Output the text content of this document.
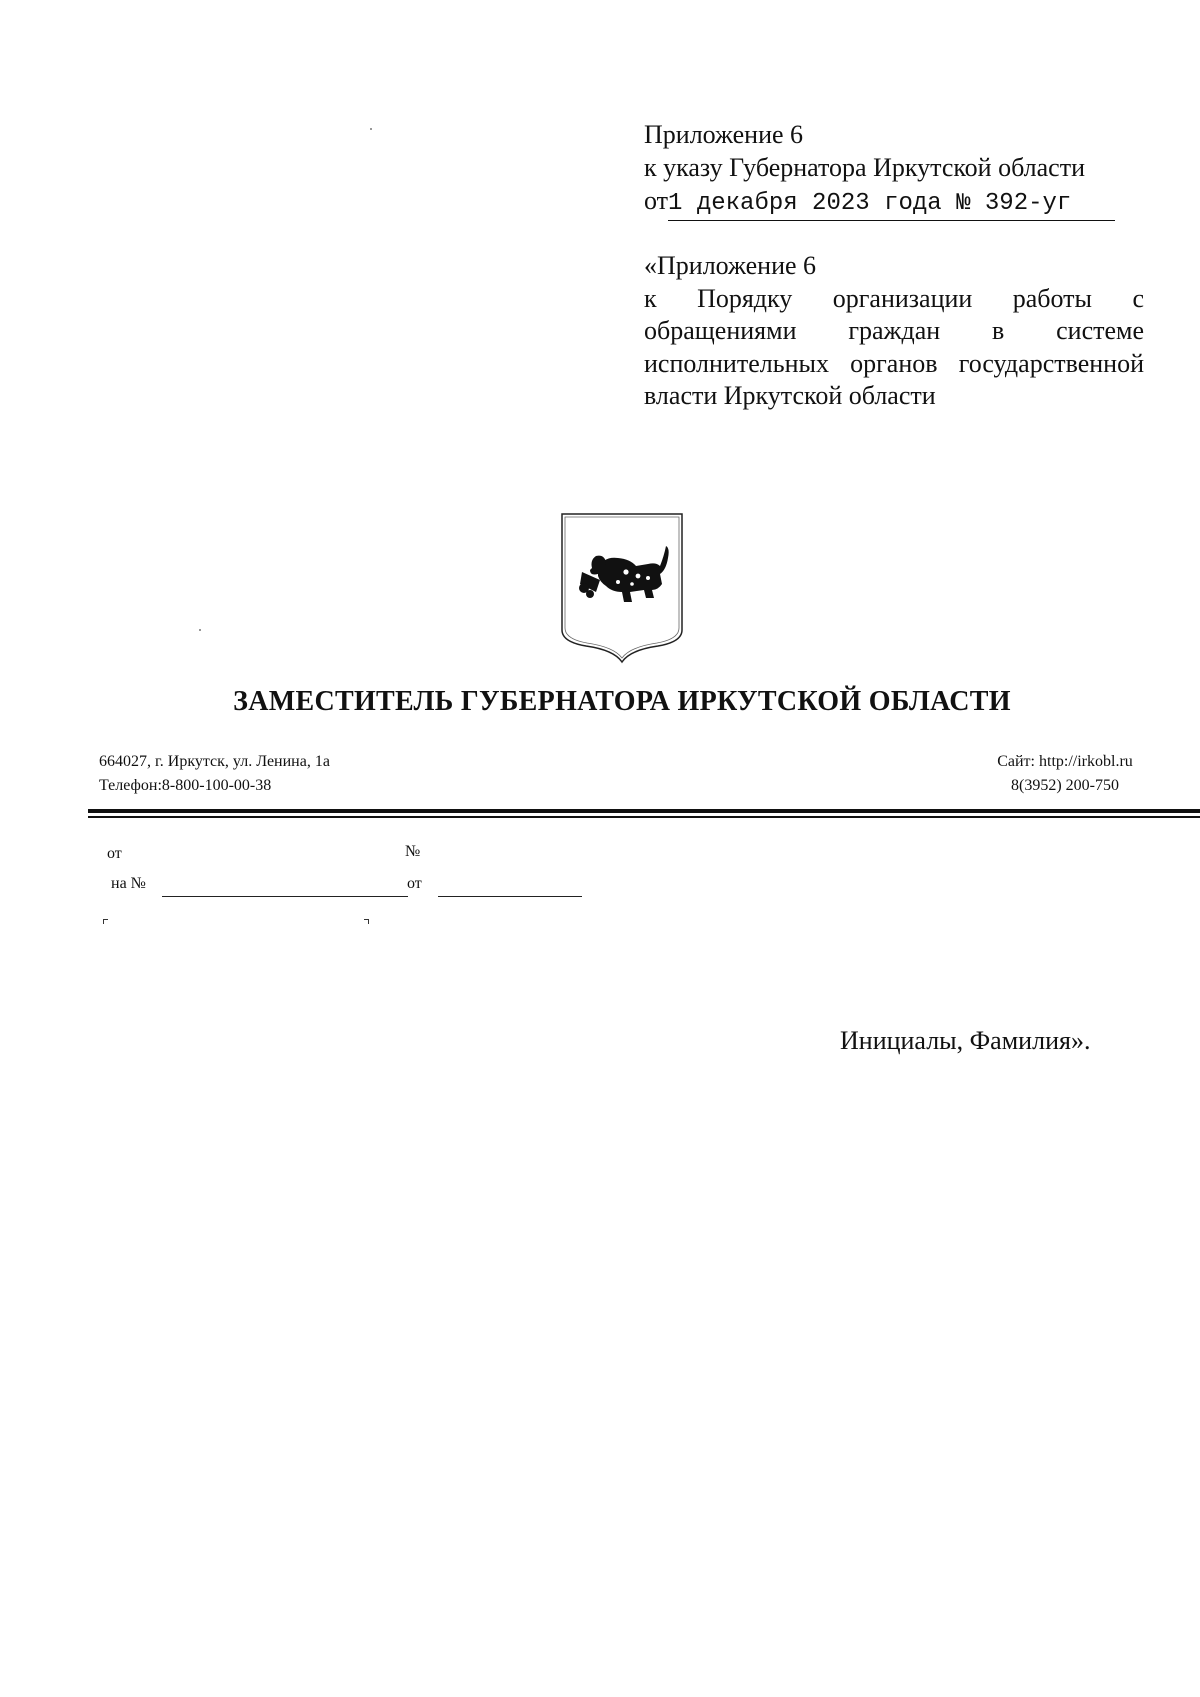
Приложение 6
к указу Губернатора Иркутской области
от1 декабря 2023 года № 392-уг
«Приложение 6
к Порядку организации работы с обращениями граждан в системе исполнительных органов государственной власти Иркутской области
ЗАМЕСТИТЕЛЬ ГУБЕРНАТОРА ИРКУТСКОЙ ОБЛАСТИ
664027, г. Иркутск, ул. Ленина, 1а
Телефон:8-800-100-00-38
Сайт: http://irkobl.ru
8(3952) 200-750
от	№
на №	от
Инициалы, Фамилия».
